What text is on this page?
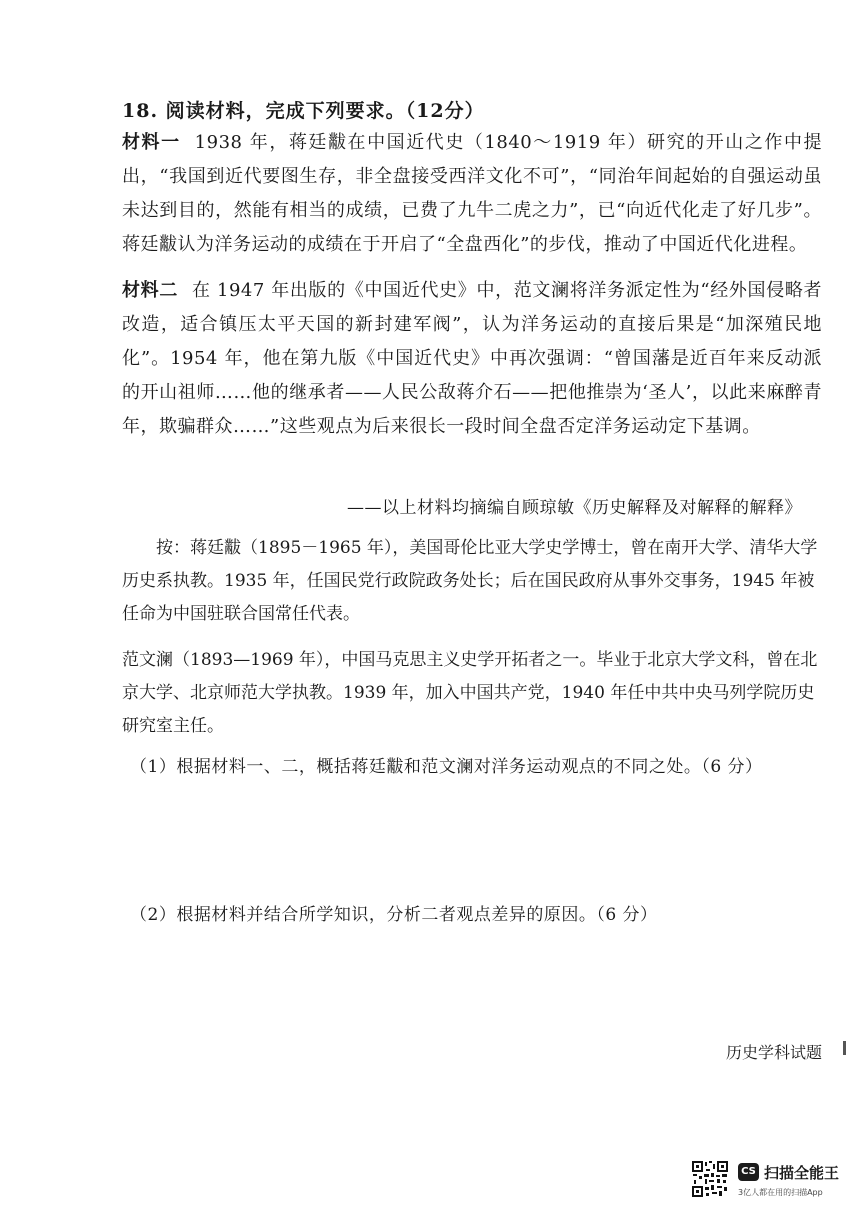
18. 阅读材料，完成下列要求。（12分）

材料一 1938 年，蒋廷黻在中国近代史（1840～1919 年）研究的开山之作中提出，“我国到近代要图生存，非全盘接受西洋文化不可”，“同治年间起始的自强运动虽未达到目的，然能有相当的成绩，已费了九牛二虎之力”，已“向近代化走了好几步”。蒋廷黻认为洋务运动的成绩在于开启了“全盘西化”的步伐，推动了中国近代化进程。

材料二 在 1947 年出版的《中国近代史》中，范文澜将洋务派定性为“经外国侵略者改造，适合镇压太平天国的新封建军阀”，认为洋务运动的直接后果是“加深殖民地化”。1954 年，他在第九版《中国近代史》中再次强调：“曾国藩是近百年来反动派的开山祖师……他的继承者——人民公敌蒋介石——把他推崇为‘圣人’，以此来麻醉青年，欺骗群众……”这些观点为后来很长一段时间全盘否定洋务运动定下基调。

——以上材料均摘编自顾琼敏《历史解释及对解释的解释》

按：蒋廷黻（1895－1965 年），美国哥伦比亚大学史学博士，曾在南开大学、清华大学历史系执教。1935 年，任国民党行政院政务处长；后在国民政府从事外交事务，1945 年被任命为中国驻联合国常任代表。

范文澜（1893—1969 年），中国马克思主义史学开拓者之一。毕业于北京大学文科，曾在北京大学、北京师范大学执教。1939 年，加入中国共产党，1940 年任中共中央马列学院历史研究室主任。

（1）根据材料一、二，概括蒋廷黻和范文澜对洋务运动观点的不同之处。（6 分）
（2）根据材料并结合所学知识，分析二者观点差异的原因。（6 分）
历史学科试题
CS 扫描全能王
3亿人都在用的扫描App
